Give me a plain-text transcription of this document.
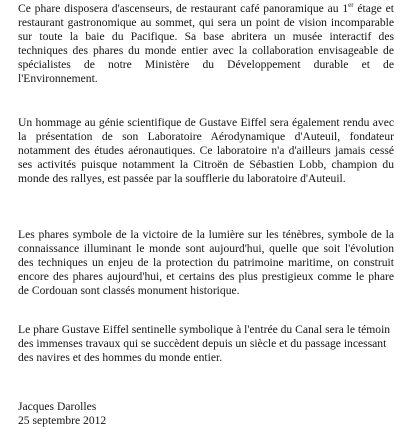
Ce phare disposera d'ascenseurs, de restaurant café panoramique au 1er étage et restaurant gastronomique au sommet, qui sera un point de vision incomparable sur toute la baie du Pacifique. Sa base abritera un musée interactif des techniques des phares du monde entier avec la collaboration envisageable de spécialistes de notre Ministère du Développement durable et de l'Environnement.

Un hommage au génie scientifique de Gustave Eiffel sera également rendu avec la présentation de son Laboratoire Aérodynamique d'Auteuil, fondateur notamment des études aéronautiques. Ce laboratoire n'a d'ailleurs jamais cessé ses activités puisque notamment la Citroën de Sébastien Lobb, champion du monde des rallyes, est passée par la soufflerie du laboratoire d'Auteuil.

Les phares symbole de la victoire de la lumière sur les ténèbres, symbole de la connaissance illuminant le monde sont aujourd'hui, quelle que soit l'évolution des techniques un enjeu de la protection du patrimoine maritime, on construit encore des phares aujourd'hui, et certains des plus prestigieux comme le phare de Cordouan sont classés monument historique.

Le phare Gustave Eiffel sentinelle symbolique à l'entrée du Canal sera le témoin des immenses travaux qui se succèdent depuis un siècle et du passage incessant des navires et des hommes du monde entier.

Jacques Darolles
25 septembre 2012
